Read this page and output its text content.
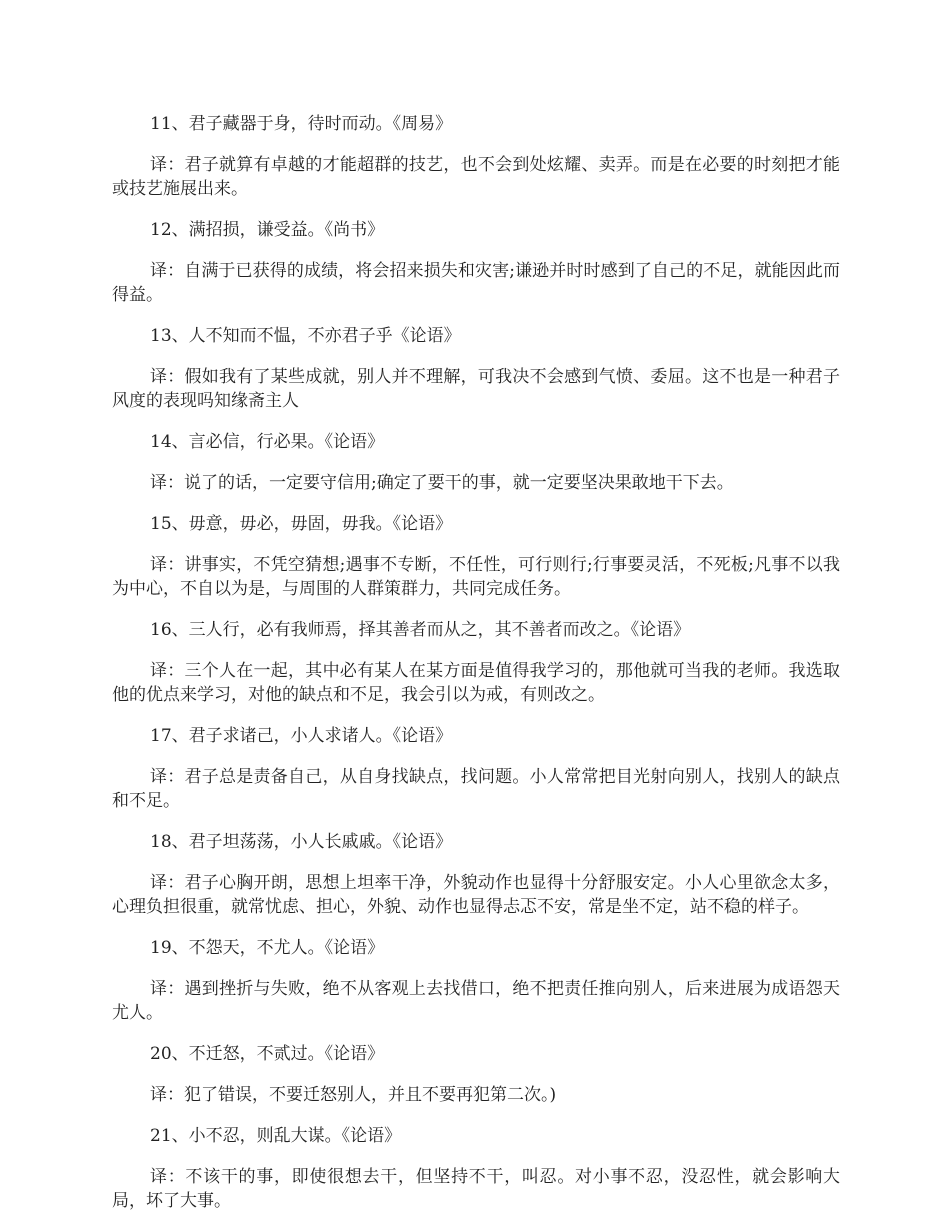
11、君子藏器于身，待时而动。《周易》

译：君子就算有卓越的才能超群的技艺，也不会到处炫耀、卖弄。而是在必要的时刻把才能或技艺施展出来。

12、满招损，谦受益。《尚书》

译：自满于已获得的成绩，将会招来损失和灾害;谦逊并时时感到了自己的不足，就能因此而得益。

13、人不知而不愠，不亦君子乎《论语》

译：假如我有了某些成就，别人并不理解，可我决不会感到气愤、委屈。这不也是一种君子风度的表现吗知缘斋主人

14、言必信，行必果。《论语》

译：说了的话，一定要守信用;确定了要干的事，就一定要坚决果敢地干下去。

15、毋意，毋必，毋固，毋我。《论语》

译：讲事实，不凭空猜想;遇事不专断，不任性，可行则行;行事要灵活，不死板;凡事不以我为中心，不自以为是，与周围的人群策群力，共同完成任务。

16、三人行，必有我师焉，择其善者而从之，其不善者而改之。《论语》

译：三个人在一起，其中必有某人在某方面是值得我学习的，那他就可当我的老师。我选取他的优点来学习，对他的缺点和不足，我会引以为戒，有则改之。

17、君子求诸己，小人求诸人。《论语》

译：君子总是责备自己，从自身找缺点，找问题。小人常常把目光射向别人，找别人的缺点和不足。

18、君子坦荡荡，小人长戚戚。《论语》

译：君子心胸开朗，思想上坦率干净，外貌动作也显得十分舒服安定。小人心里欲念太多，心理负担很重，就常忧虑、担心，外貌、动作也显得忐忑不安，常是坐不定，站不稳的样子。

19、不怨天，不尤人。《论语》

译：遇到挫折与失败，绝不从客观上去找借口，绝不把责任推向别人，后来进展为成语怨天尤人。

20、不迁怒，不贰过。《论语》

译：犯了错误，不要迁怒别人，并且不要再犯第二次。)

21、小不忍，则乱大谋。《论语》

译：不该干的事，即使很想去干，但坚持不干，叫忍。对小事不忍，没忍性，就会影响大局，坏了大事。
